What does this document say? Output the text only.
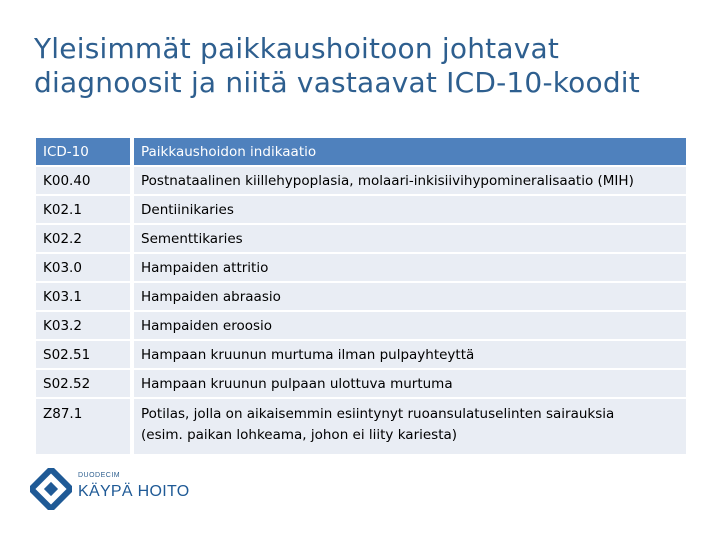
Yleisimmät paikkaushoitoon johtavat
diagnoosit ja niitä vastaavat ICD-10-koodit
ICD-10	Paikkaushoidon indikaatio
K00.40	Postnataalinen kiillehypoplasia, molaari-inkisiivihypomineralisaatio (MIH)
K02.1	Dentiinikaries
K02.2	Sementtikaries
K03.0	Hampaiden attritio
K03.1	Hampaiden abraasio
K03.2	Hampaiden eroosio
S02.51	Hampaan kruunun murtuma ilman pulpayhteyttä
S02.52	Hampaan kruunun pulpaan ulottuva murtuma
Z87.1	Potilas, jolla on aikaisemmin esiintynyt ruoansulatuselinten sairauksia
(esim. paikan lohkeama, johon ei liity kariesta)
DUODECIM
KÄYPÄ HOITO
